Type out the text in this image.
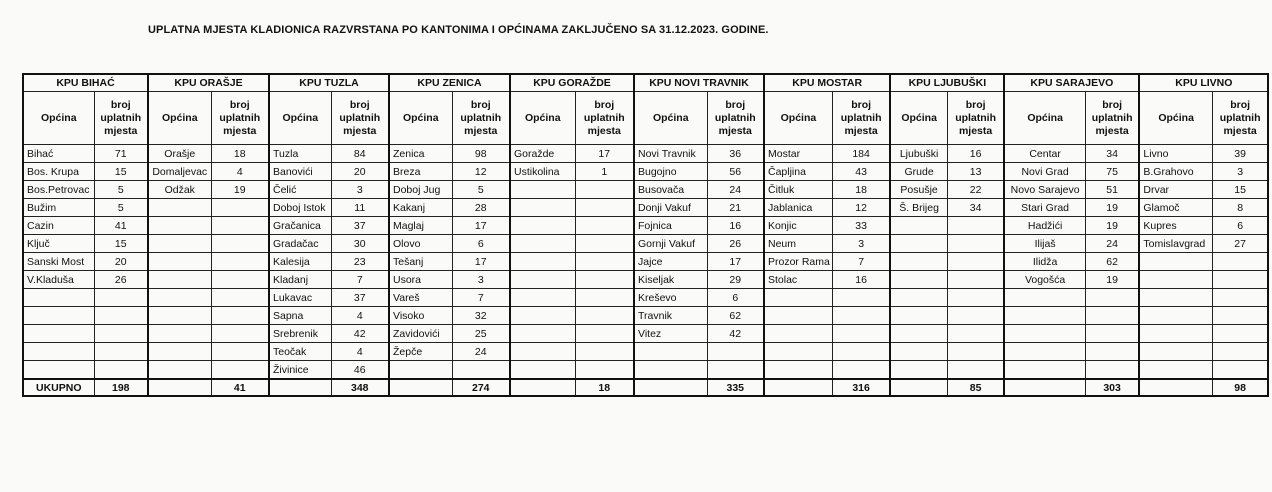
UPLATNA MJESTA KLADIONICA RAZVRSTANA PO KANTONIMA I OPĆINAMA ZAKLJUČENO SA 31.12.2023. GODINE.
KPU BIHAĆ		KPU ORAŠJE		KPU TUZLA		KPU ZENICA		KPU GORAŽDE		KPU NOVI TRAVNIK		KPU MOSTAR		KPU LJUBUŠKI		KPU SARAJEVO		KPU LIVNO	
Općina	broj
uplatnih
mjesta	Općina	broj
uplatnih
mjesta	Općina	broj
uplatnih
mjesta	Općina	broj
uplatnih
mjesta	Općina	broj
uplatnih
mjesta	Općina	broj
uplatnih
mjesta	Općina	broj
uplatnih
mjesta	Općina	broj
uplatnih
mjesta	Općina	broj
uplatnih
mjesta	Općina	broj
uplatnih
mjesta
Bihać	71	Orašje	18	Tuzla	84	Zenica	98	Goražde	17	Novi Travnik	36	Mostar	184	Ljubuški	16	Centar	34	Livno	39
Bos. Krupa	15	Domaljevac	4	Banovići	20	Breza	12	Ustikolina	1	Bugojno	56	Čapljina	43	Grude	13	Novi Grad	75	B.Grahovo	3
Bos.Petrovac	5	Odžak	19	Čelić	3	Doboj Jug	5			Busovača	24	Čitluk	18	Posušje	22	Novo Sarajevo	51	Drvar	15
Bužim	5			Doboj Istok	11	Kakanj	28			Donji Vakuf	21	Jablanica	12	Š. Brijeg	34	Stari Grad	19	Glamoč	8
Cazin	41			Gračanica	37	Maglaj	17			Fojnica	16	Konjic	33			Hadžići	19	Kupres	6
Ključ	15			Gradačac	30	Olovo	6			Gornji Vakuf	26	Neum	3			Ilijaš	24	Tomislavgrad	27
Sanski Most	20			Kalesija	23	Tešanj	17			Jajce	17	Prozor Rama	7			Ilidža	62		
V.Kladuša	26			Kladanj	7	Usora	3			Kiseljak	29	Stolac	16			Vogošća	19		
				Lukavac	37	Vareš	7			Kreševo	6								
				Sapna	4	Visoko	32			Travnik	62								
				Srebrenik	42	Zavidovići	25			Vitez	42								
				Teočak	4	Žepče	24												
				Živinice	46														
UKUPNO	198		41		348		274		18		335		316		85		303		98
